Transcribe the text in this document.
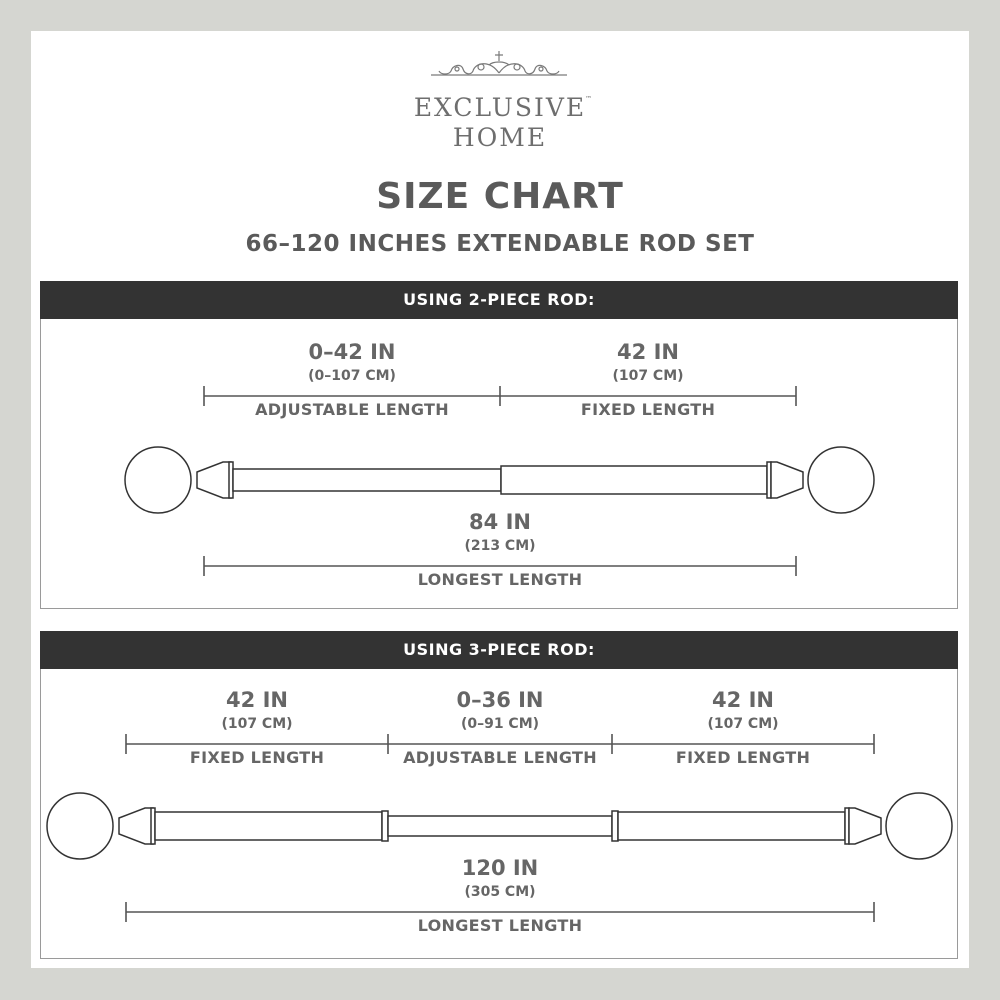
EXCLUSIVE
™
HOME
SIZE CHART
66–120 INCHES EXTENDABLE ROD SET
USING 2-PIECE ROD:
0–42 IN
(0–107 CM)
ADJUSTABLE LENGTH
42 IN
(107 CM)
FIXED LENGTH
84 IN
(213 CM)
LONGEST LENGTH
USING 3-PIECE ROD:
42 IN
(107 CM)
FIXED LENGTH
0–36 IN
(0–91 CM)
ADJUSTABLE LENGTH
42 IN
(107 CM)
FIXED LENGTH
120 IN
(305 CM)
LONGEST LENGTH
